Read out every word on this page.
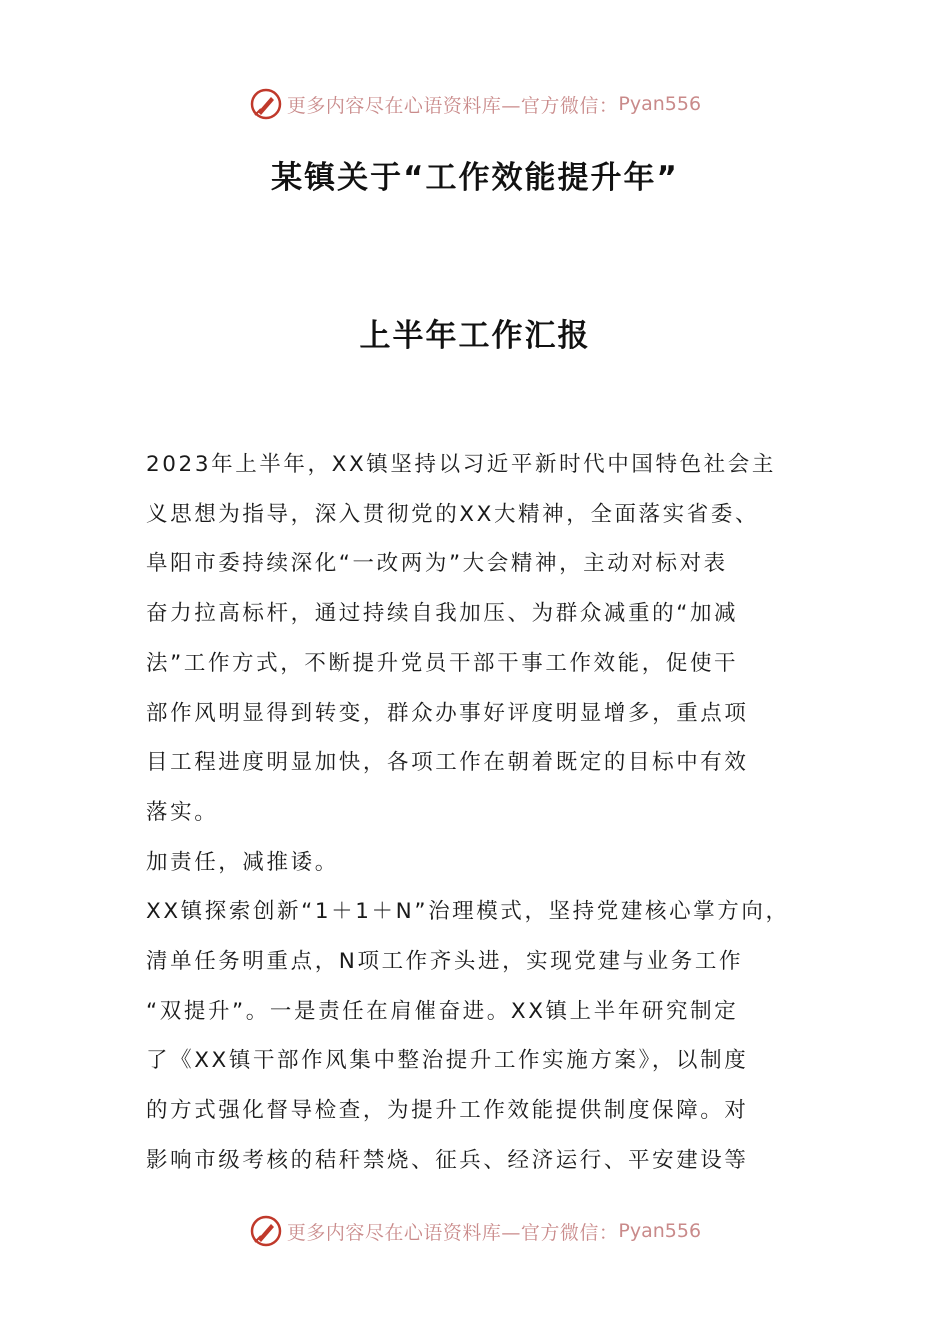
更多内容尽在心语资料库—官方微信： Pyan556
某镇关于“工作效能提升年”
上半年工作汇报

2023年上半年，XX镇坚持以习近平新时代中国特色社会主

义思想为指导，深入贯彻党的XX大精神，全面落实省委、

阜阳市委持续深化“一改两为”大会精神，主动对标对表

奋力拉高标杆，通过持续自我加压、为群众减重的“加减

法”工作方式，不断提升党员干部干事工作效能，促使干

部作风明显得到转变，群众办事好评度明显增多，重点项

目工程进度明显加快，各项工作在朝着既定的目标中有效

落实。

加责任，减推诿。

XX镇探索创新“1＋1＋N”治理模式，坚持党建核心掌方向，

清单任务明重点，N项工作齐头进，实现党建与业务工作

“双提升”。一是责任在肩催奋进。XX镇上半年研究制定

了《XX镇干部作风集中整治提升工作实施方案》，以制度

的方式强化督导检查，为提升工作效能提供制度保障。对

影响市级考核的秸秆禁烧、征兵、经济运行、平安建设等

更多内容尽在心语资料库—官方微信： Pyan556
